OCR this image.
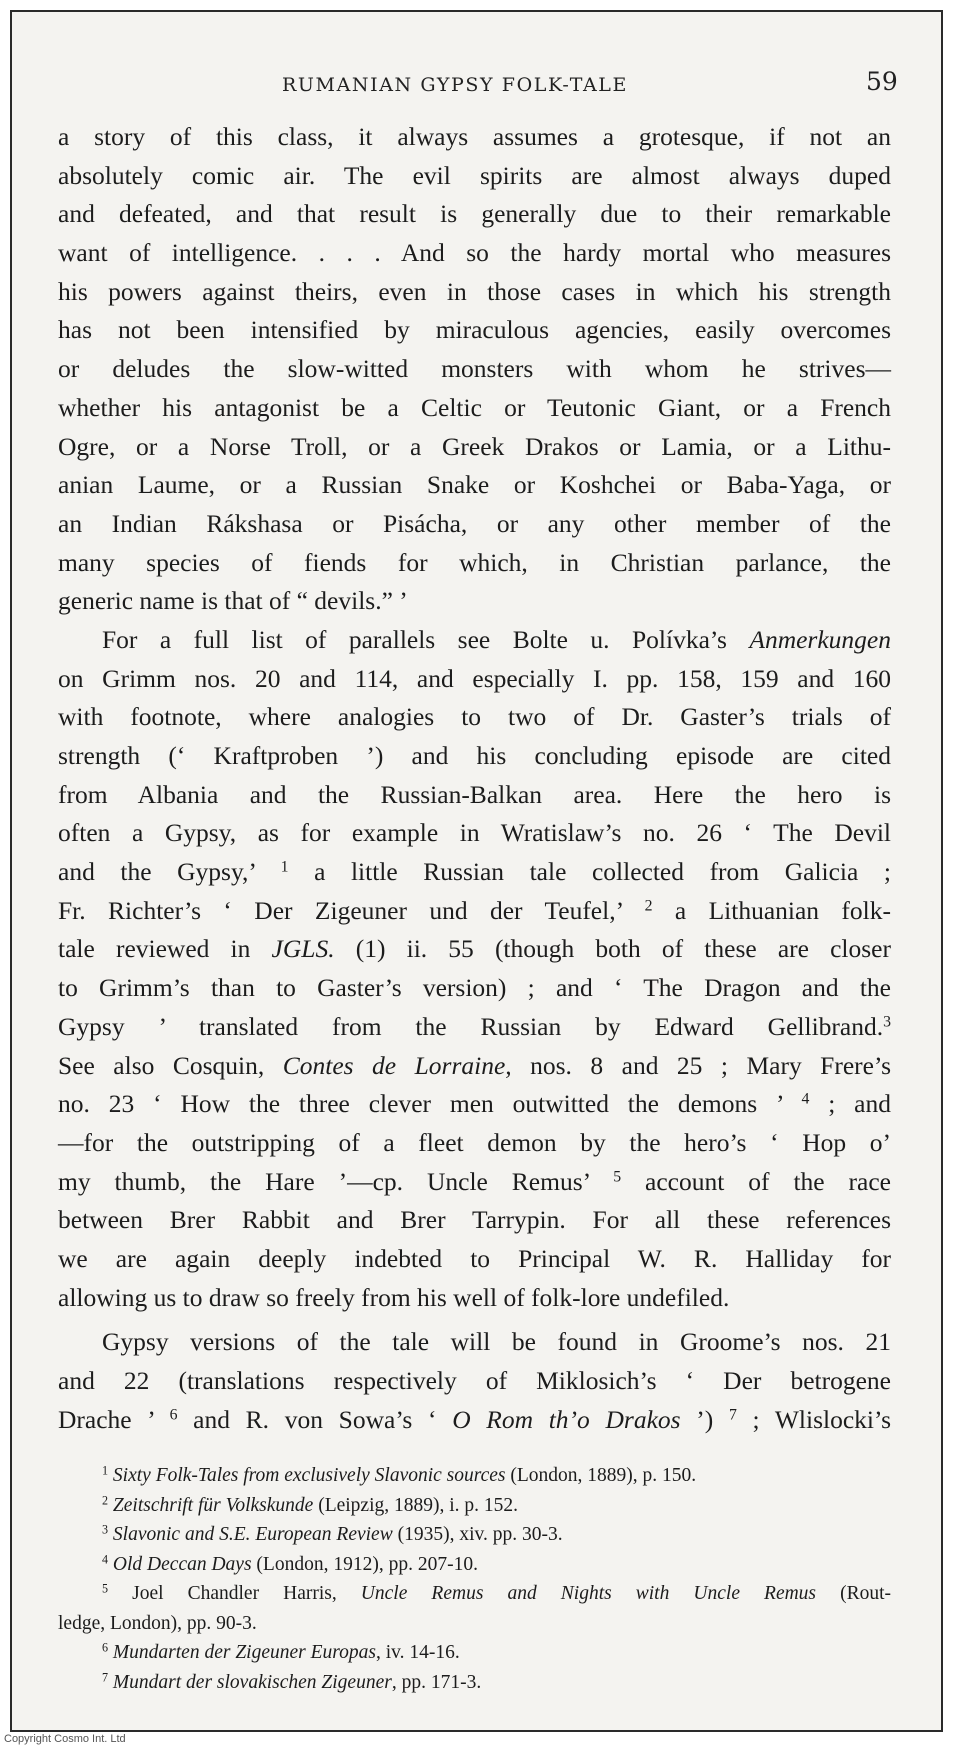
RUMANIAN GYPSY FOLK-TALE	59
a story of this class, it always assumes a grotesque, if not an
absolutely comic air. The evil spirits are almost always duped
and defeated, and that result is generally due to their remarkable
want of intelligence. . . . And so the hardy mortal who measures
his powers against theirs, even in those cases in which his strength
has not been intensified by miraculous agencies, easily overcomes
or deludes the slow-witted monsters with whom he strives—
whether his antagonist be a Celtic or Teutonic Giant, or a French
Ogre, or a Norse Troll, or a Greek Drakos or Lamia, or a Lithu-
anian Laume, or a Russian Snake or Koshchei or Baba-Yaga, or
an Indian Rákshasa or Pisácha, or any other member of the
many species of fiends for which, in Christian parlance, the
generic name is that of “ devils.” ’
For a full list of parallels see Bolte u. Polívka’s Anmerkungen
on Grimm nos. 20 and 114, and especially I. pp. 158, 159 and 160
with footnote, where analogies to two of Dr. Gaster’s trials of
strength (‘ Kraftproben ’) and his concluding episode are cited
from Albania and the Russian-Balkan area. Here the hero is
often a Gypsy, as for example in Wratislaw’s no. 26 ‘ The Devil
and the Gypsy,’ $^1$ a little Russian tale collected from Galicia ;
Fr. Richter’s ‘ Der Zigeuner und der Teufel,’ $^2$ a Lithuanian folk-
tale reviewed in JGLS. (1) ii. 55 (though both of these are closer
to Grimm’s than to Gaster’s version) ; and ‘ The Dragon and the
Gypsy ’ translated from the Russian by Edward Gellibrand.$^3$
See also Cosquin, Contes de Lorraine, nos. 8 and 25 ; Mary Frere’s
no. 23 ‘ How the three clever men outwitted the demons ’ $^4$ ; and
—for the outstripping of a fleet demon by the hero’s ‘ Hop o’
my thumb, the Hare ’—cp. Uncle Remus’ $^5$ account of the race
between Brer Rabbit and Brer Tarrypin. For all these references
we are again deeply indebted to Principal W. R. Halliday for
allowing us to draw so freely from his well of folk-lore undefiled.
Gypsy versions of the tale will be found in Groome’s nos. 21
and 22 (translations respectively of Miklosich’s ‘ Der betrogene
Drache ’ $^6$ and R. von Sowa’s ‘ O Rom th’o Drakos ’) $^7$ ; Wlislocki’s
$^1$ Sixty Folk-Tales from exclusively Slavonic sources (London, 1889), p. 150.
$^2$ Zeitschrift für Volkskunde (Leipzig, 1889), i. p. 152.
$^3$ Slavonic and S.E. European Review (1935), xiv. pp. 30-3.
$^4$ Old Deccan Days (London, 1912), pp. 207-10.
$^5$ Joel Chandler Harris, Uncle Remus and Nights with Uncle Remus (Rout-
ledge, London), pp. 90-3.
$^6$ Mundarten der Zigeuner Europas, iv. 14-16.
$^7$ Mundart der slovakischen Zigeuner, pp. 171-3.
Copyright Cosmo Int. Ltd
